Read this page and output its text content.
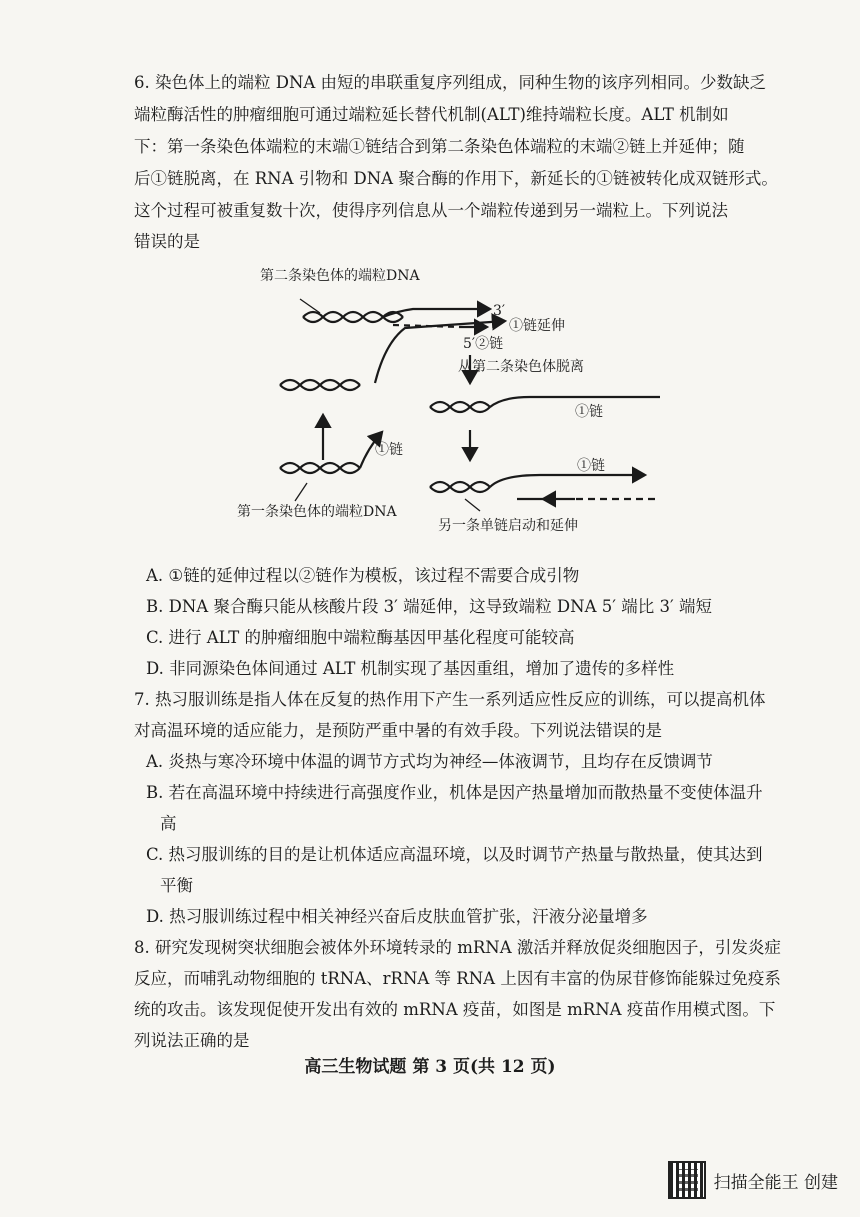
6. 染色体上的端粒 DNA 由短的串联重复序列组成，同种生物的该序列相同。少数缺乏
端粒酶活性的肿瘤细胞可通过端粒延长替代机制(ALT)维持端粒长度。ALT 机制如
下：第一条染色体端粒的末端①链结合到第二条染色体端粒的末端②链上并延伸；随
后①链脱离，在 RNA 引物和 DNA 聚合酶的作用下，新延长的①链被转化成双链形式。
这个过程可被重复数十次，使得序列信息从一个端粒传递到另一端粒上。下列说法
错误的是
第二条染色体的端粒DNA
3′
①链延伸
5′②链
从第二条染色体脱离
①链
①链
①链
第一条染色体的端粒DNA
另一条单链启动和延伸
A. ①链的延伸过程以②链作为模板，该过程不需要合成引物
B. DNA 聚合酶只能从核酸片段 3′ 端延伸，这导致端粒 DNA 5′ 端比 3′ 端短
C. 进行 ALT 的肿瘤细胞中端粒酶基因甲基化程度可能较高
D. 非同源染色体间通过 ALT 机制实现了基因重组，增加了遗传的多样性
7. 热习服训练是指人体在反复的热作用下产生一系列适应性反应的训练，可以提高机体
对高温环境的适应能力，是预防严重中暑的有效手段。下列说法错误的是
A. 炎热与寒冷环境中体温的调节方式均为神经—体液调节，且均存在反馈调节
B. 若在高温环境中持续进行高强度作业，机体是因产热量增加而散热量不变使体温升
高
C. 热习服训练的目的是让机体适应高温环境，以及时调节产热量与散热量，使其达到
平衡
D. 热习服训练过程中相关神经兴奋后皮肤血管扩张，汗液分泌量增多
8. 研究发现树突状细胞会被体外环境转录的 mRNA 激活并释放促炎细胞因子，引发炎症
反应，而哺乳动物细胞的 tRNA、rRNA 等 RNA 上因有丰富的伪尿苷修饰能躲过免疫系
统的攻击。该发现促使开发出有效的 mRNA 疫苗，如图是 mRNA 疫苗作用模式图。下
列说法正确的是
高三生物试题 第 3 页(共 12 页)
扫描全能王 创建
